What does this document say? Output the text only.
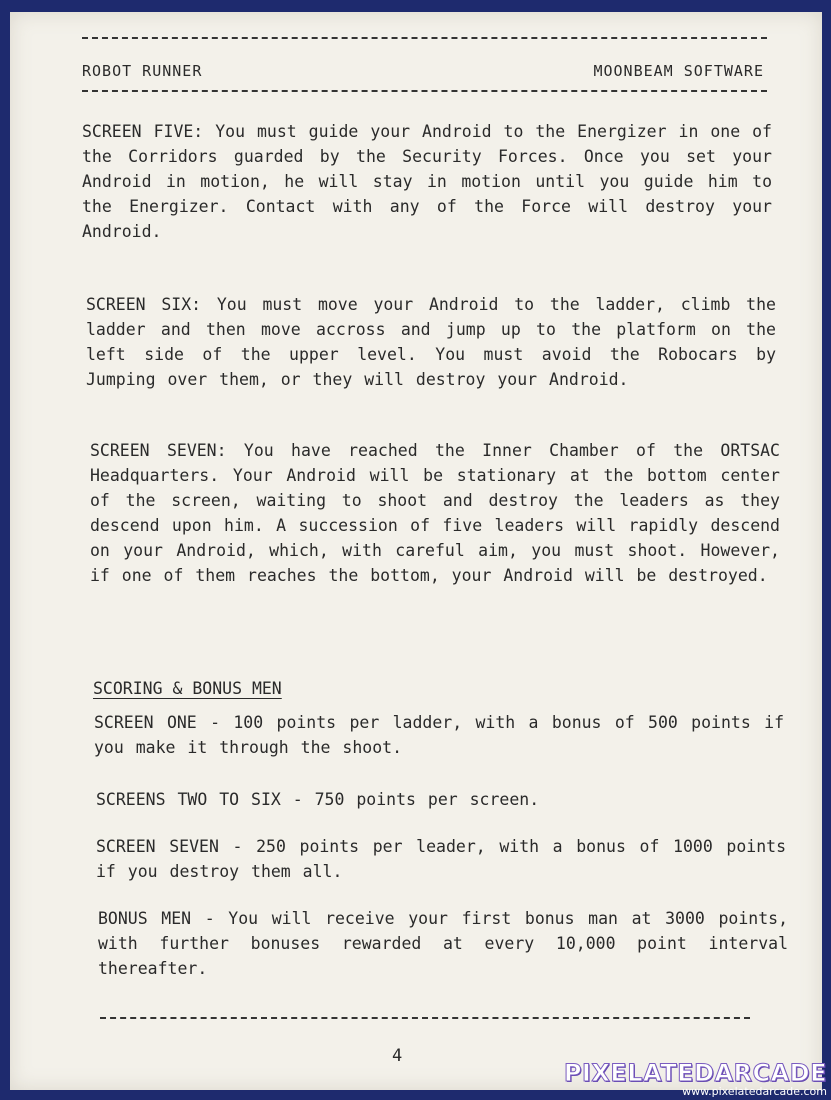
ROBOT RUNNER	MOONBEAM SOFTWARE
SCREEN FIVE: You must guide your Android to the Energizer in one of the Corridors guarded by the Security Forces. Once you set your Android in motion, he will stay in motion until you guide him to the Energizer. Contact with any of the Force will destroy your Android.
SCREEN SIX: You must move your Android to the ladder, climb the ladder and then move accross and jump up to the platform on the left side of the upper level. You must avoid the Robocars by Jumping over them, or they will destroy your Android.
SCREEN SEVEN: You have reached the Inner Chamber of the ORTSAC Headquarters. Your Android will be stationary at the bottom center of the screen, waiting to shoot and destroy the leaders as they descend upon him. A succession of five leaders will rapidly descend on your Android, which, with careful aim, you must shoot. However, if one of them reaches the bottom, your Android will be destroyed.
SCORING & BONUS MEN
SCREEN ONE - 100 points per ladder, with a bonus of 500 points if you make it through the shoot.
SCREENS TWO TO SIX - 750 points per screen.
SCREEN SEVEN - 250 points per leader, with a bonus of 1000 points if you destroy them all.
BONUS MEN - You will receive your first bonus man at 3000 points, with further bonuses rewarded at every 10,000 point interval thereafter.
4
PIXELATEDARCADE
www.pixelatedarcade.com
